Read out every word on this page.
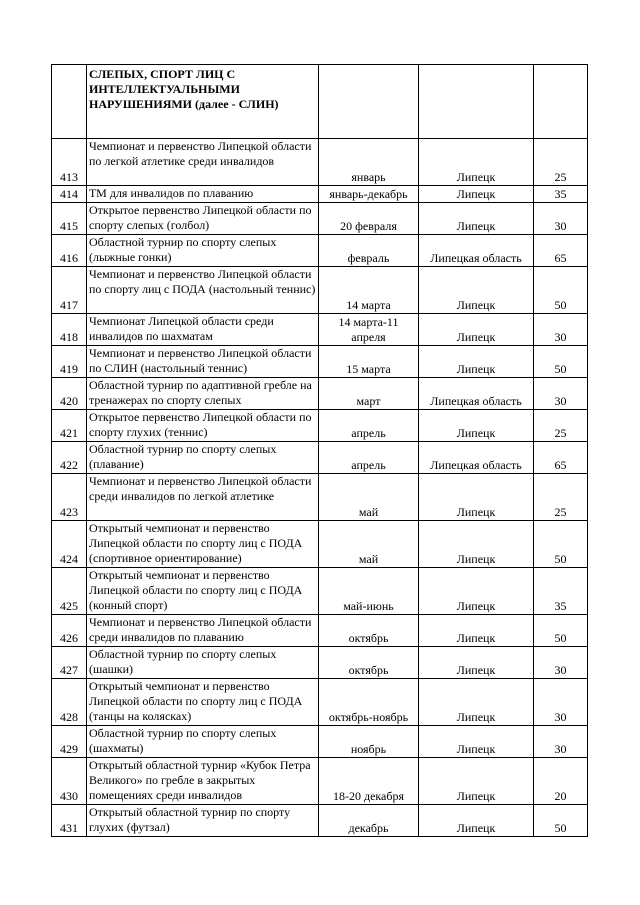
	СЛЕПЫХ, СПОРТ ЛИЦ С ИНТЕЛЛЕКТУАЛЬНЫМИ НАРУШЕНИЯМИ (далее - СЛИН)			
413	Чемпионат и первенство Липецкой области по легкой атлетике среди инвалидов	январь	Липецк	25
414	ТМ для инвалидов по плаванию	январь-декабрь	Липецк	35
415	Открытое первенство Липецкой области по спорту слепых (голбол)	20 февраля	Липецк	30
416	Областной турнир по спорту слепых (лыжные гонки)	февраль	Липецкая область	65
417	Чемпионат и первенство Липецкой области по спорту лиц с ПОДА (настольный теннис)	14 марта	Липецк	50
418	Чемпионат Липецкой области среди инвалидов по шахматам	14 марта-11 апреля	Липецк	30
419	Чемпионат и первенство Липецкой области по СЛИН (настольный теннис)	15 марта	Липецк	50
420	Областной турнир по адаптивной гребле на тренажерах по спорту слепых	март	Липецкая область	30
421	Открытое первенство Липецкой области по спорту глухих (теннис)	апрель	Липецк	25
422	Областной турнир по спорту слепых (плавание)	апрель	Липецкая область	65
423	Чемпионат и первенство Липецкой области среди инвалидов по легкой атлетике	май	Липецк	25
424	Открытый чемпионат и первенство Липецкой области по спорту лиц с ПОДА (спортивное ориентирование)	май	Липецк	50
425	Открытый чемпионат и первенство Липецкой области по спорту лиц с ПОДА (конный спорт)	май-июнь	Липецк	35
426	Чемпионат и первенство Липецкой области среди инвалидов по плаванию	октябрь	Липецк	50
427	Областной турнир по спорту слепых (шашки)	октябрь	Липецк	30
428	Открытый чемпионат и первенство Липецкой области по спорту лиц с ПОДА (танцы на колясках)	октябрь-ноябрь	Липецк	30
429	Областной турнир по спорту слепых (шахматы)	ноябрь	Липецк	30
430	Открытый областной турнир «Кубок Петра Великого» по гребле в закрытых помещениях среди инвалидов	18-20 декабря	Липецк	20
431	Открытый областной турнир по спорту глухих (футзал)	декабрь	Липецк	50
